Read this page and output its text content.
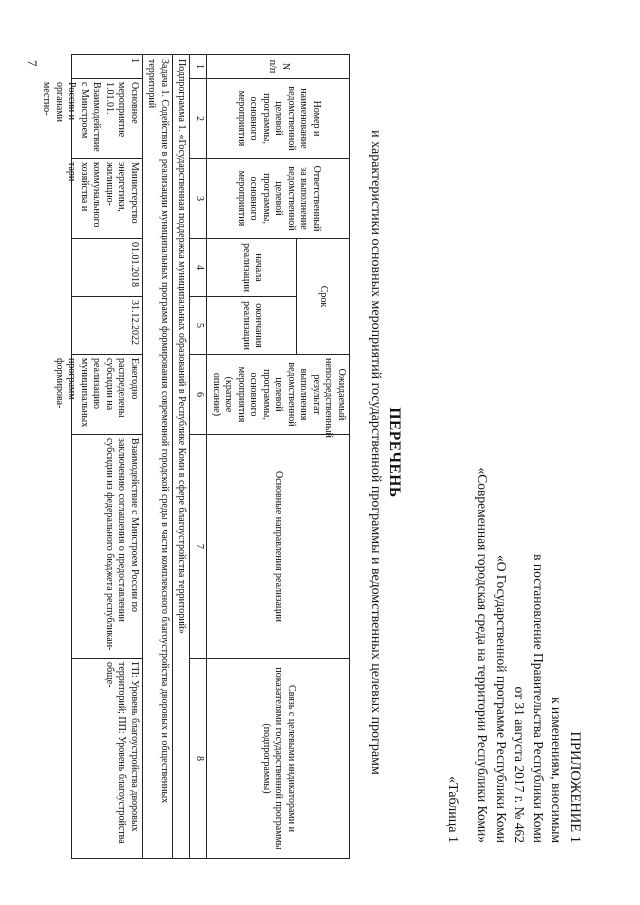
7
ПРИЛОЖЕНИЕ 1
к изменениям, вносимым
в постановление Правительства Республики Коми
от 31 августа 2017 г. № 462
«О Государственной программе Республики Коми
«Современная городская среда на территории Республики Коми»
«Таблица 1
ПЕРЕЧЕНЬ
и характеристики основных мероприятий государственной программы и ведомственных целевых программ
N п/п	Номер и наименование ведомственной целевой программы, основного мероприятия	Ответственный за выполнение ведомственной целевой программы, основного мероприятия	Срок		Ожидаемый непосредственный результат выполнения ведомственной целевой программы, основного мероприятия (краткое описание)	Основные направления реализации	Связь с целевыми индикаторами и показателями государственной программы (подпрограммы)
			начала реализации	окончания реализации			
1	2	3	4	5	6	7	8
Подпрограмма 1. «Государственная поддержка муниципальных образований в Республике Коми в сфере благоустройства территорий»							
Задача 1. Содействие в реализации муниципальных программ формирования современной городской среды в части комплексного благоустройства дворовых и общественных территорий							

1	Основное мероприятие 1.01.01. Взаимодействие с Минстроем России и органами местно-	Министерство энергетики, жилищно-коммунального хозяйства и тари-	01.01.2018	31.12.2022	Ежегодно распределены субсидии на реализацию муниципальных программ формирова-	Взаимодействие с Минстроем России по заключению соглашения о предоставлении субсидии из федерального бюджета республикан-	ГП: Уровень благоустройства дворовых территорий; ПП: Уровень благоустройства обще-
